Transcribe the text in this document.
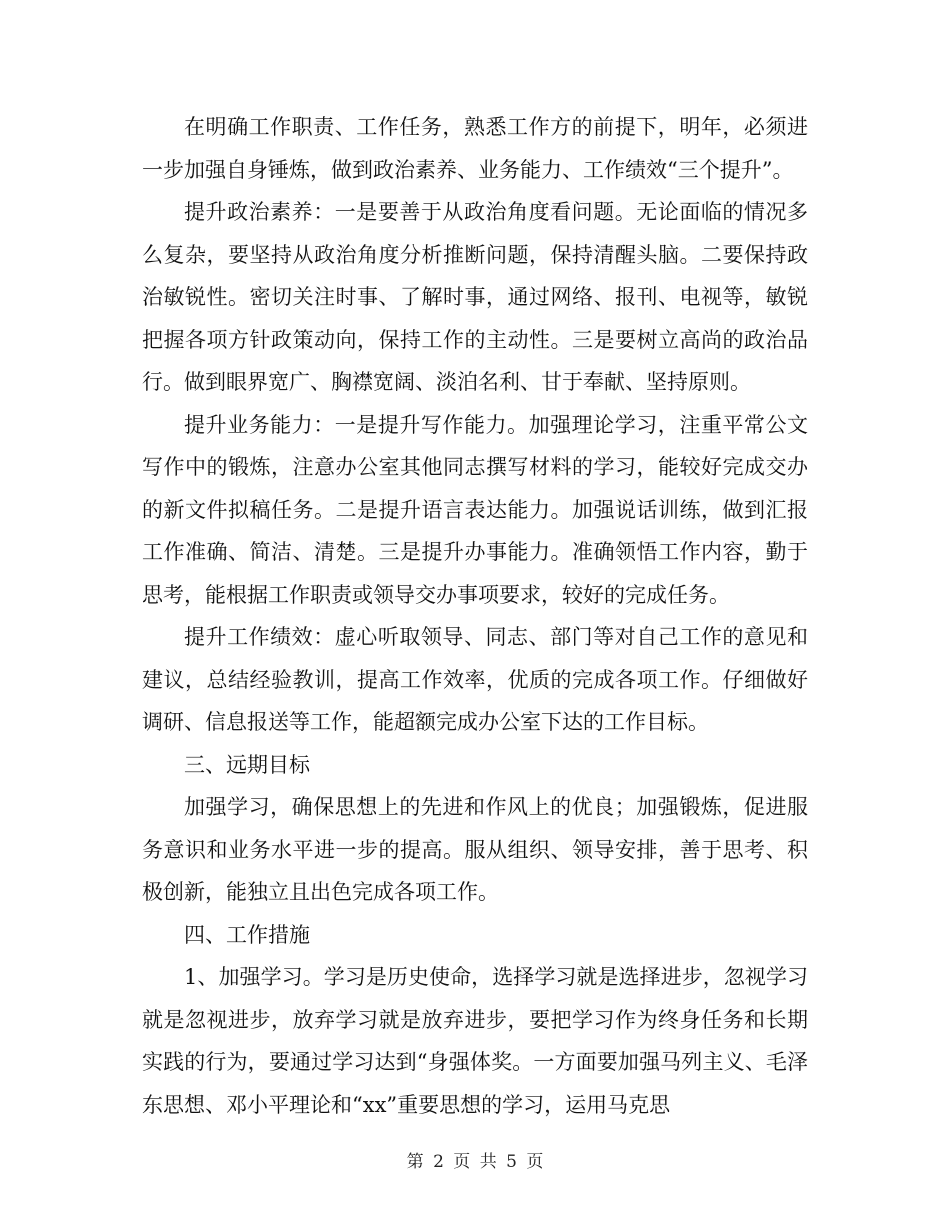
在明确工作职责、工作任务，熟悉工作方的前提下，明年，必须进一步加强自身锤炼，做到政治素养、业务能力、工作绩效“三个提升”。

提升政治素养：一是要善于从政治角度看问题。无论面临的情况多么复杂，要坚持从政治角度分析推断问题，保持清醒头脑。二要保持政治敏锐性。密切关注时事、了解时事，通过网络、报刊、电视等，敏锐把握各项方针政策动向，保持工作的主动性。三是要树立高尚的政治品行。做到眼界宽广、胸襟宽阔、淡泊名利、甘于奉献、坚持原则。

提升业务能力：一是提升写作能力。加强理论学习，注重平常公文写作中的锻炼，注意办公室其他同志撰写材料的学习，能较好完成交办的新文件拟稿任务。二是提升语言表达能力。加强说话训练，做到汇报工作准确、简洁、清楚。三是提升办事能力。准确领悟工作内容，勤于思考，能根据工作职责或领导交办事项要求，较好的完成任务。

提升工作绩效：虚心听取领导、同志、部门等对自己工作的意见和建议，总结经验教训，提高工作效率，优质的完成各项工作。仔细做好调研、信息报送等工作，能超额完成办公室下达的工作目标。

三、远期目标

加强学习，确保思想上的先进和作风上的优良；加强锻炼，促进服务意识和业务水平进一步的提高。服从组织、领导安排，善于思考、积极创新，能独立且出色完成各项工作。

四、工作措施

1、加强学习。学习是历史使命，选择学习就是选择进步，忽视学习就是忽视进步，放弃学习就是放弃进步，要把学习作为终身任务和长期实践的行为，要通过学习达到“身强体奖。一方面要加强马列主义、毛泽东思想、邓小平理论和“xx”重要思想的学习，运用马克思

第 2 页 共 5 页
